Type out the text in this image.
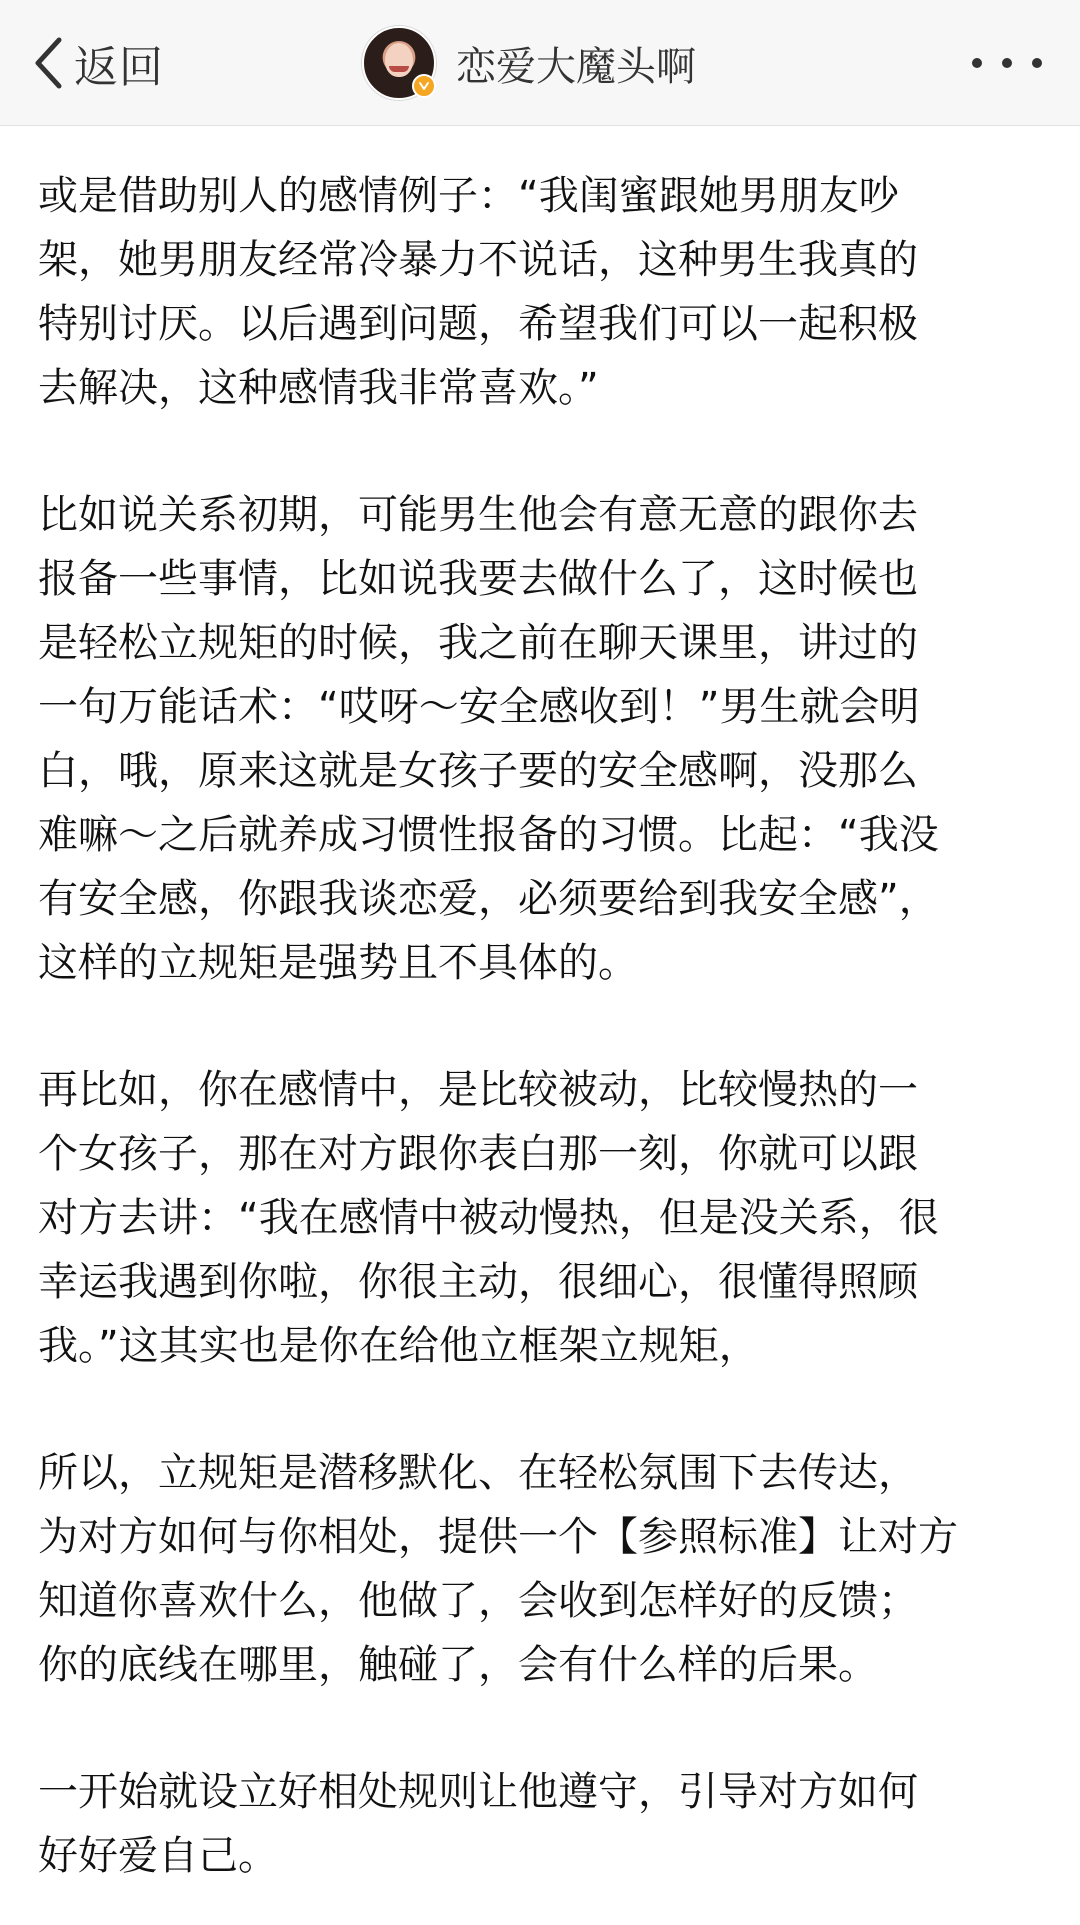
返回	恋爱大魔头啊

或是借助别人的感情例子：“我闺蜜跟她男朋友吵
架，她男朋友经常冷暴力不说话，这种男生我真的
特别讨厌。以后遇到问题，希望我们可以一起积极
去解决，这种感情我非常喜欢。”

比如说关系初期，可能男生他会有意无意的跟你去
报备一些事情，比如说我要去做什么了，这时候也
是轻松立规矩的时候，我之前在聊天课里，讲过的
一句万能话术：“哎呀～安全感收到！”男生就会明
白，哦，原来这就是女孩子要的安全感啊，没那么
难嘛～之后就养成习惯性报备的习惯。比起：“我没
有安全感，你跟我谈恋爱，必须要给到我安全感”，
这样的立规矩是强势且不具体的。

再比如，你在感情中，是比较被动，比较慢热的一
个女孩子，那在对方跟你表白那一刻，你就可以跟
对方去讲：“我在感情中被动慢热，但是没关系，很
幸运我遇到你啦，你很主动，很细心，很懂得照顾
我。”这其实也是你在给他立框架立规矩，

所以，立规矩是潜移默化、在轻松氛围下去传达，
为对方如何与你相处，提供一个【参照标准】让对方
知道你喜欢什么，他做了，会收到怎样好的反馈；
你的底线在哪里，触碰了，会有什么样的后果。

一开始就设立好相处规则让他遵守，引导对方如何
好好爱自己。
